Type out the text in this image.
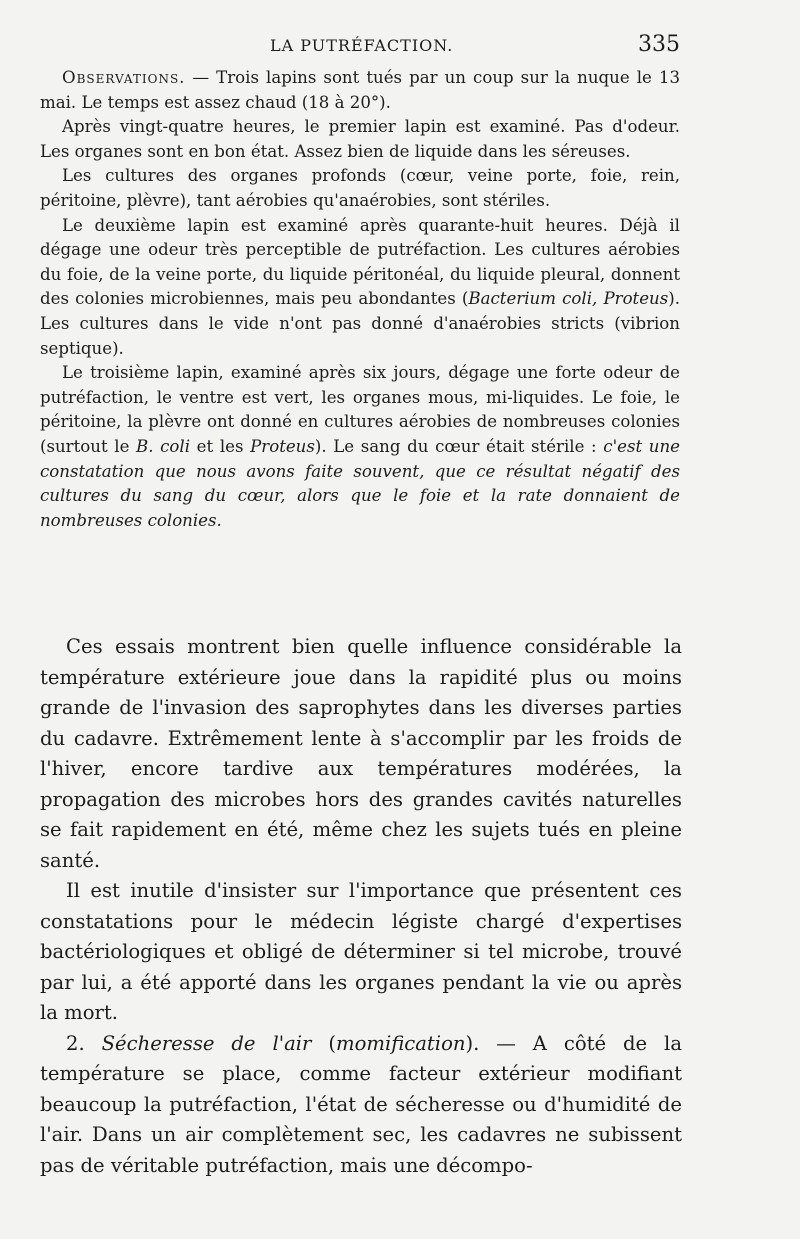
LA PUTRÉFACTION.	335

Observations. — Trois lapins sont tués par un coup sur la nuque le 13 mai. Le temps est assez chaud (18 à 20°).

Après vingt-quatre heures, le premier lapin est examiné. Pas d'odeur. Les organes sont en bon état. Assez bien de liquide dans les séreuses.

Les cultures des organes profonds (cœur, veine porte, foie, rein, péritoine, plèvre), tant aérobies qu'anaérobies, sont stériles.

Le deuxième lapin est examiné après quarante-huit heures. Déjà il dégage une odeur très perceptible de putréfaction. Les cultures aérobies du foie, de la veine porte, du liquide péritonéal, du liquide pleural, donnent des colonies microbiennes, mais peu abondantes (Bacterium coli, Proteus). Les cultures dans le vide n'ont pas donné d'anaérobies stricts (vibrion septique).

Le troisième lapin, examiné après six jours, dégage une forte odeur de putréfaction, le ventre est vert, les organes mous, mi-liquides. Le foie, le péritoine, la plèvre ont donné en cultures aérobies de nombreuses colonies (surtout le B. coli et les Proteus). Le sang du cœur était stérile : c'est une constatation que nous avons faite souvent, que ce résultat négatif des cultures du sang du cœur, alors que le foie et la rate donnaient de nombreuses colonies.

Ces essais montrent bien quelle influence considérable la température extérieure joue dans la rapidité plus ou moins grande de l'invasion des saprophytes dans les diverses parties du cadavre. Extrêmement lente à s'accomplir par les froids de l'hiver, encore tardive aux températures modérées, la propagation des microbes hors des grandes cavités naturelles se fait rapidement en été, même chez les sujets tués en pleine santé.

Il est inutile d'insister sur l'importance que présentent ces constatations pour le médecin légiste chargé d'expertises bactériologiques et obligé de déterminer si tel microbe, trouvé par lui, a été apporté dans les organes pendant la vie ou après la mort.

2. Sécheresse de l'air (momification). — A côté de la température se place, comme facteur extérieur modifiant beaucoup la putréfaction, l'état de sécheresse ou d'humidité de l'air. Dans un air complètement sec, les cadavres ne subissent pas de véritable putréfaction, mais une décompo-
